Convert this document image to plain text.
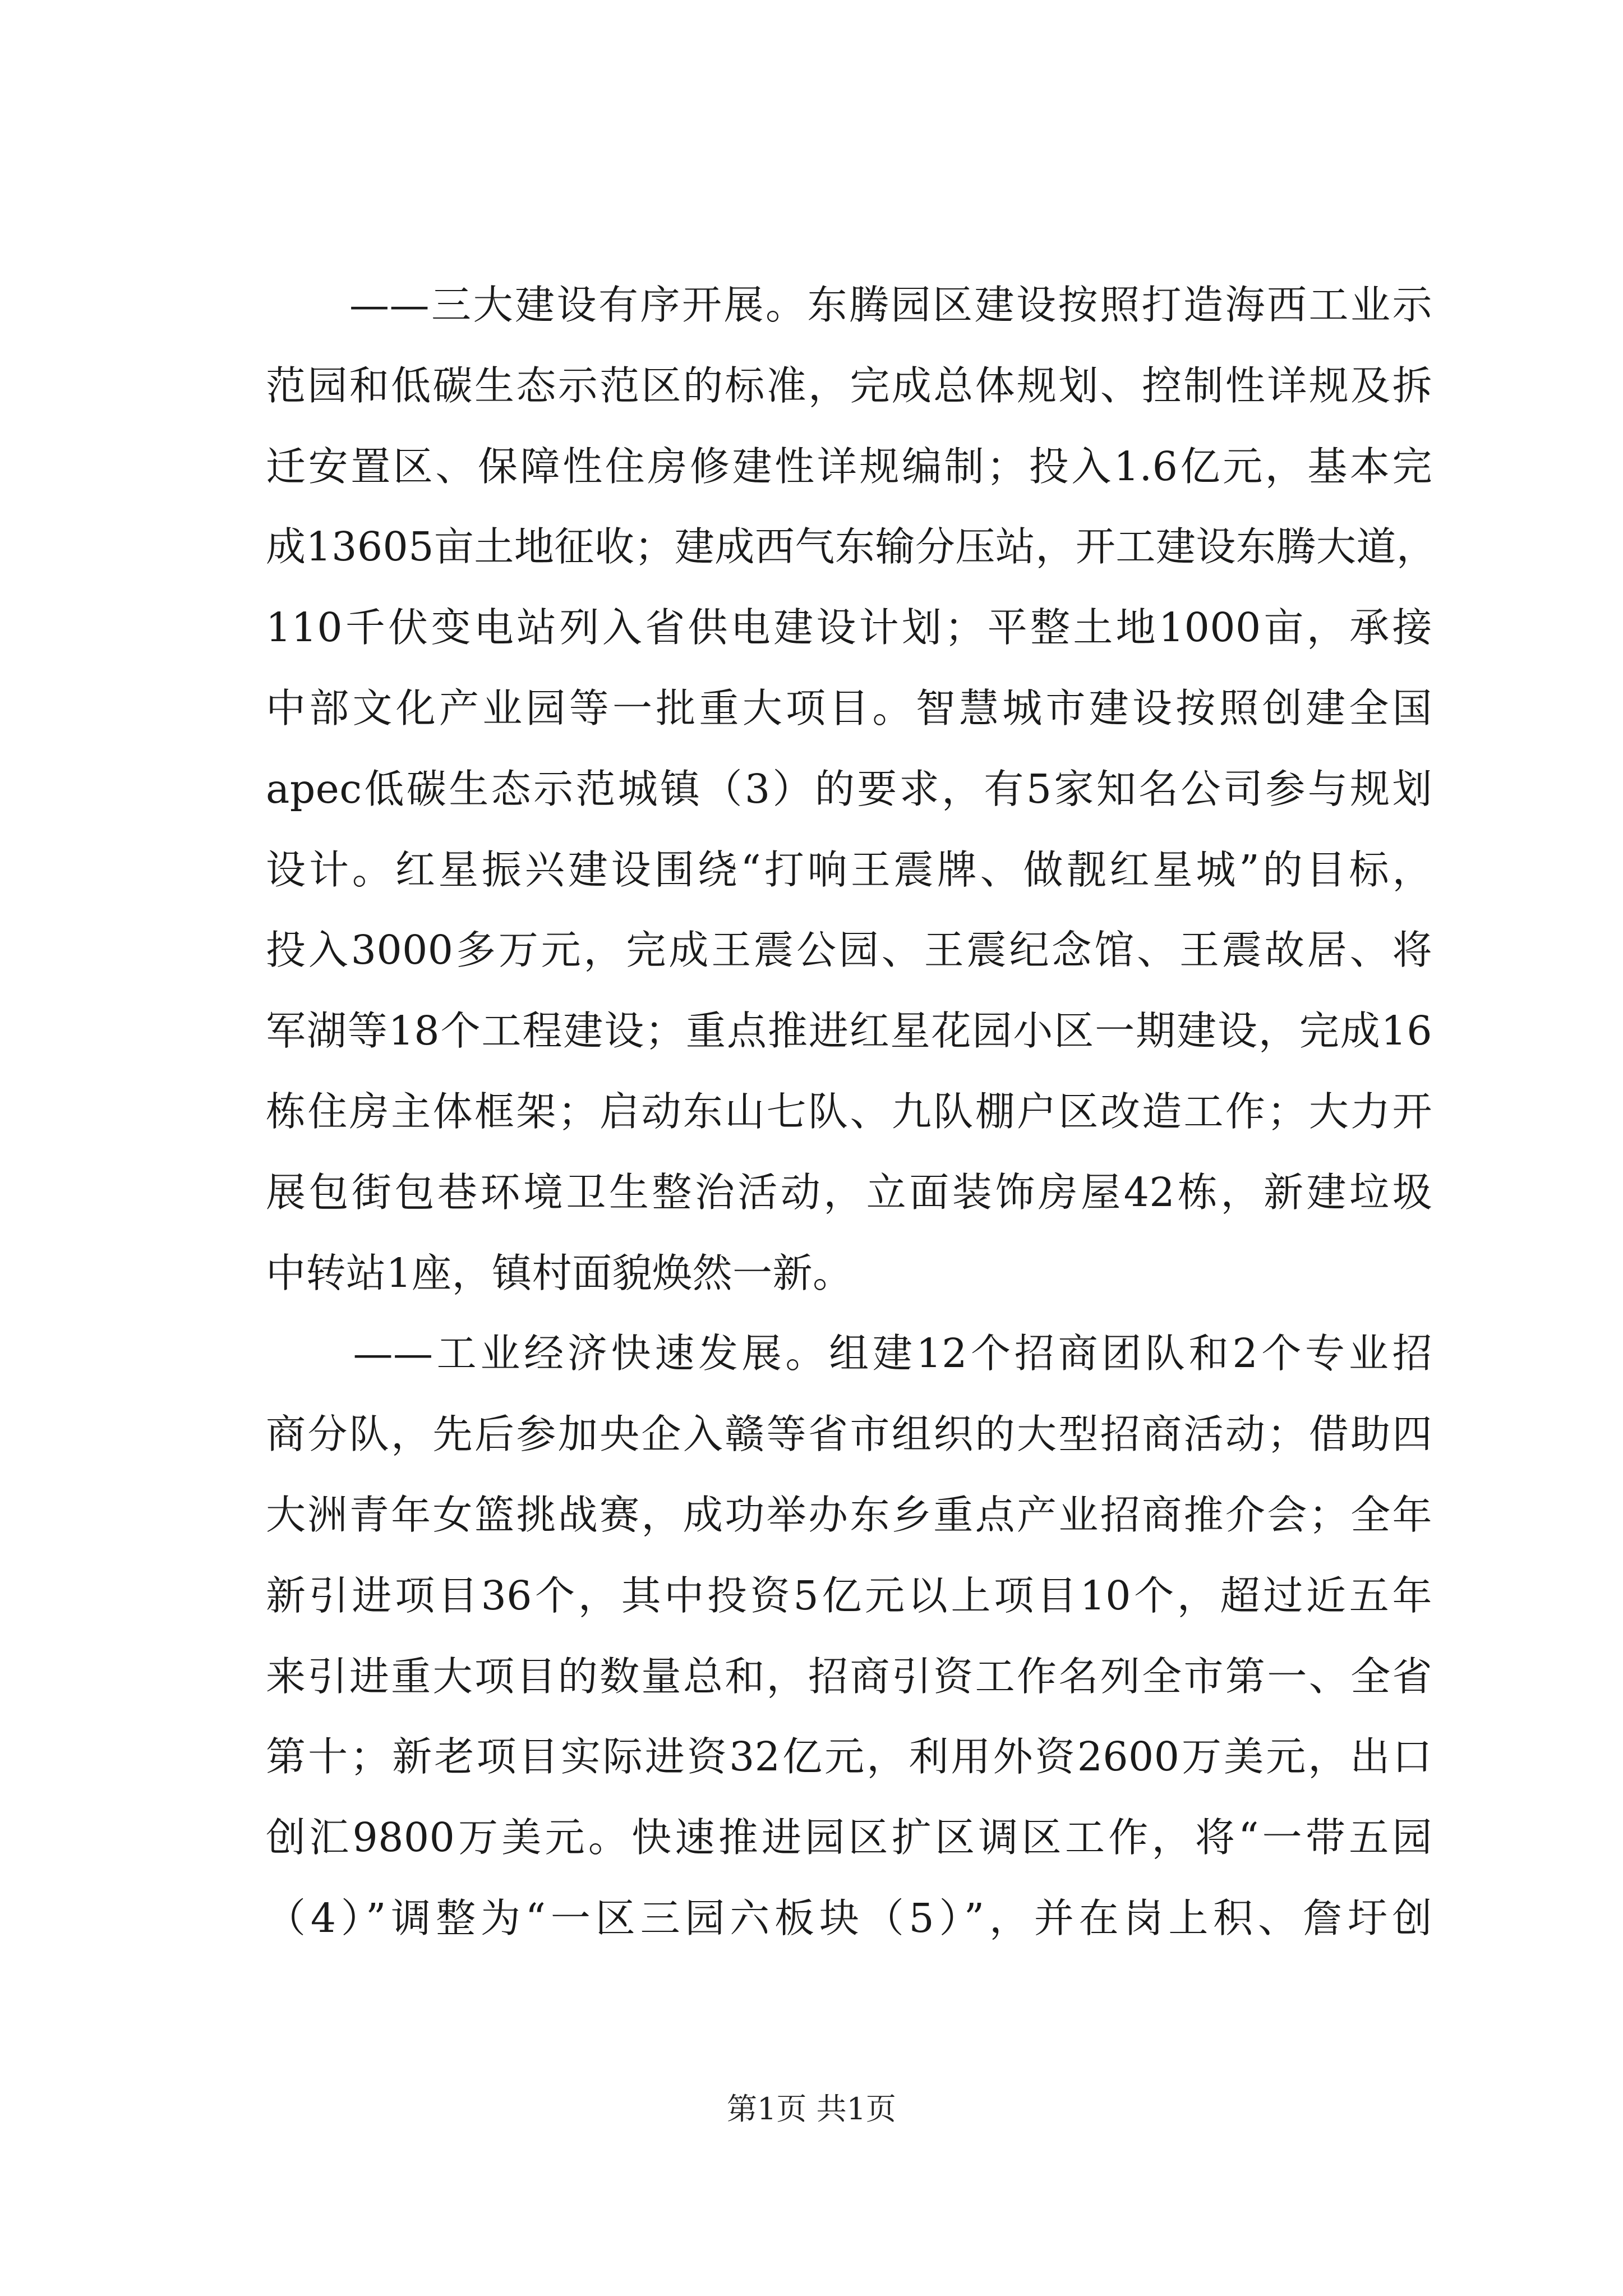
　　——三大建设有序开展。东腾园区建设按照打造海西工业示
范园和低碳生态示范区的标准，完成总体规划、控制性详规及拆
迁安置区、保障性住房修建性详规编制；投入1.6亿元，基本完
成13605亩土地征收；建成西气东输分压站，开工建设东腾大道，
110千伏变电站列入省供电建设计划；平整土地1000亩，承接
中部文化产业园等一批重大项目。智慧城市建设按照创建全国
apec低碳生态示范城镇（3）的要求，有5家知名公司参与规划
设计。红星振兴建设围绕“打响王震牌、做靓红星城”的目标，
投入3000多万元，完成王震公园、王震纪念馆、王震故居、将
军湖等18个工程建设；重点推进红星花园小区一期建设，完成16
栋住房主体框架；启动东山七队、九队棚户区改造工作；大力开
展包街包巷环境卫生整治活动，立面装饰房屋42栋，新建垃圾
中转站1座，镇村面貌焕然一新。
　　——工业经济快速发展。组建12个招商团队和2个专业招
商分队，先后参加央企入赣等省市组织的大型招商活动；借助四
大洲青年女篮挑战赛，成功举办东乡重点产业招商推介会；全年
新引进项目36个，其中投资5亿元以上项目10个，超过近五年
来引进重大项目的数量总和，招商引资工作名列全市第一、全省
第十；新老项目实际进资32亿元，利用外资2600万美元，出口
创汇9800万美元。快速推进园区扩区调区工作，将“一带五园
（4）”调整为“一区三园六板块（5）”，并在岗上积、詹圩创
第1页 共1页
